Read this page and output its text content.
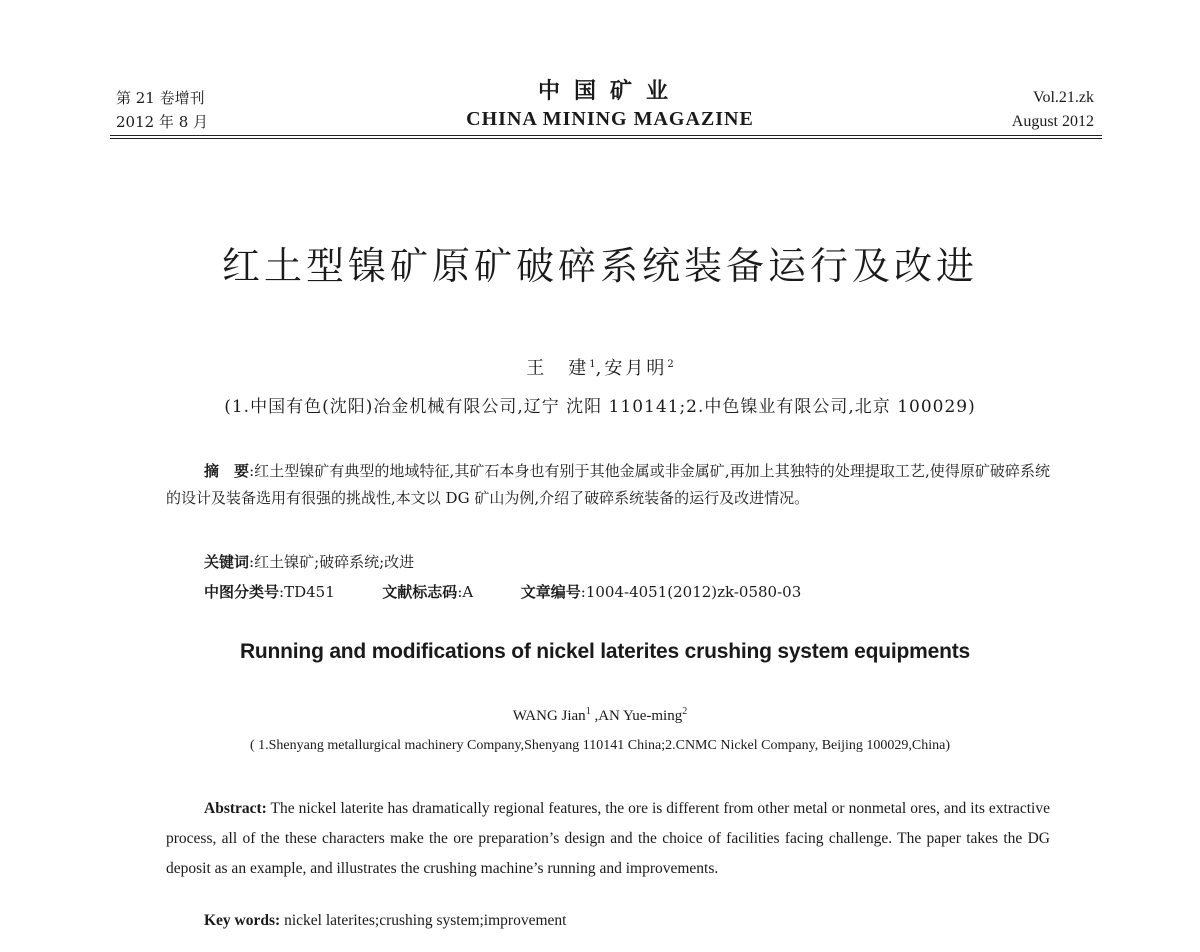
第 21 卷增刊
2012 年 8 月
中国矿业
CHINA MINING MAGAZINE
Vol.21.zk
August 2012
红土型镍矿原矿破碎系统装备运行及改进
王　建$^1$,安月明$^2$
(1.中国有色(沈阳)冶金机械有限公司,辽宁 沈阳 110141;2.中色镍业有限公司,北京 100029)
摘　要:红土型镍矿有典型的地域特征,其矿石本身也有别于其他金属或非金属矿,再加上其独特的处理提取工艺,使得原矿破碎系统的设计及装备选用有很强的挑战性,本文以 DG 矿山为例,介绍了破碎系统装备的运行及改进情况。
关键词:红土镍矿;破碎系统;改进
中图分类号:TD451	文献标志码:A	文章编号:1004-4051(2012)zk-0580-03
Running and modifications of nickel laterites crushing system equipments
WANG Jian$^1$ ,AN Yue-ming$^2$
( 1.Shenyang metallurgical machinery Company,Shenyang 110141 China;2.CNMC Nickel Company, Beijing 100029,China)
Abstract: The nickel laterite has dramatically regional features, the ore is different from other metal or nonmetal ores, and its extractive process, all of the these characters make the ore preparation’s design and the choice of facilities facing challenge. The paper takes the DG deposit as an example, and illustrates the crushing machine’s running and improvements.
Key words: nickel laterites;crushing system;improvement
